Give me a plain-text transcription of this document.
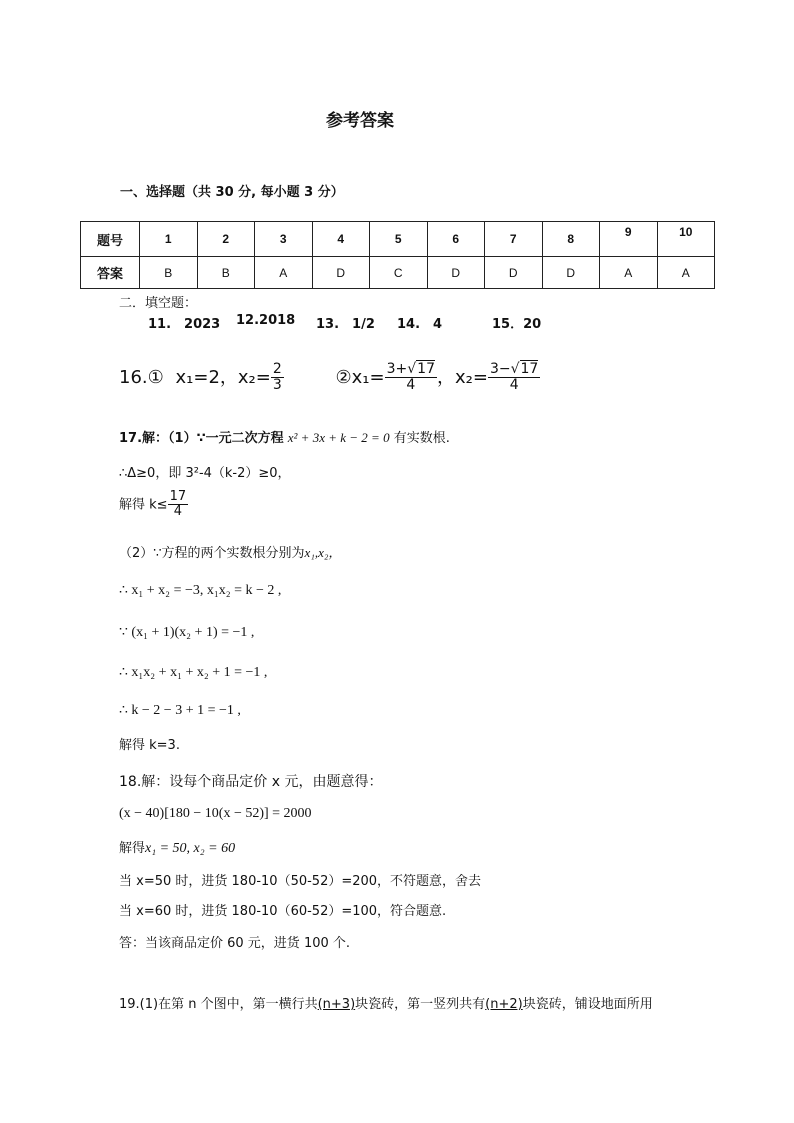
参考答案
一、选择题（共 30 分, 每小题 3 分）
题号	1	2	3	4	5	6	7	8	9	10
答案	B	B	A	D	C	D	D	D	A	A
二．填空题：
11.　2023 12.2018 13.　1/2 14.　4	15．20
16.① x₁=2，$x_2= \frac{2}{3}$	②x₁= $\frac{3+√17}{4}$ ，$x_2= \frac{3-√17}{4}$
17.解：（1）∵一元二次方程 x² + 3x + k − 2 = 0 有实数根.
∴Δ≥0，即 3²-4（k-2）≥0，
解得 $k\le \frac{17}{4}$
（2）∵方程的两个实数根分别为x₁,x₂，
∴ x₁ + x₂ = −3, x₁x₂ = k − 2 ,
∵ (x₁ + 1)(x₂ + 1) = −1 ,
∴ x₁x₂ + x₁ + x₂ + 1 = −1 ,
∴ k − 2 − 3 + 1 = −1 ,
解得 k=3.
18.解：设每个商品定价 x 元，由题意得：
(x − 40)[180 − 10(x − 52)] = 2000
解得x₁ = 50, x₂ = 60
当 x=50 时，进货 180-10（50-52）=200，不符题意，舍去
当 x=60 时，进货 180-10（60-52）=100，符合题意.
答：当该商品定价 60 元，进货 100 个.
19.(1)在第 n 个图中，第一横行共(n+3)块瓷砖，第一竖列共有(n+2)块瓷砖，铺设地面所用
